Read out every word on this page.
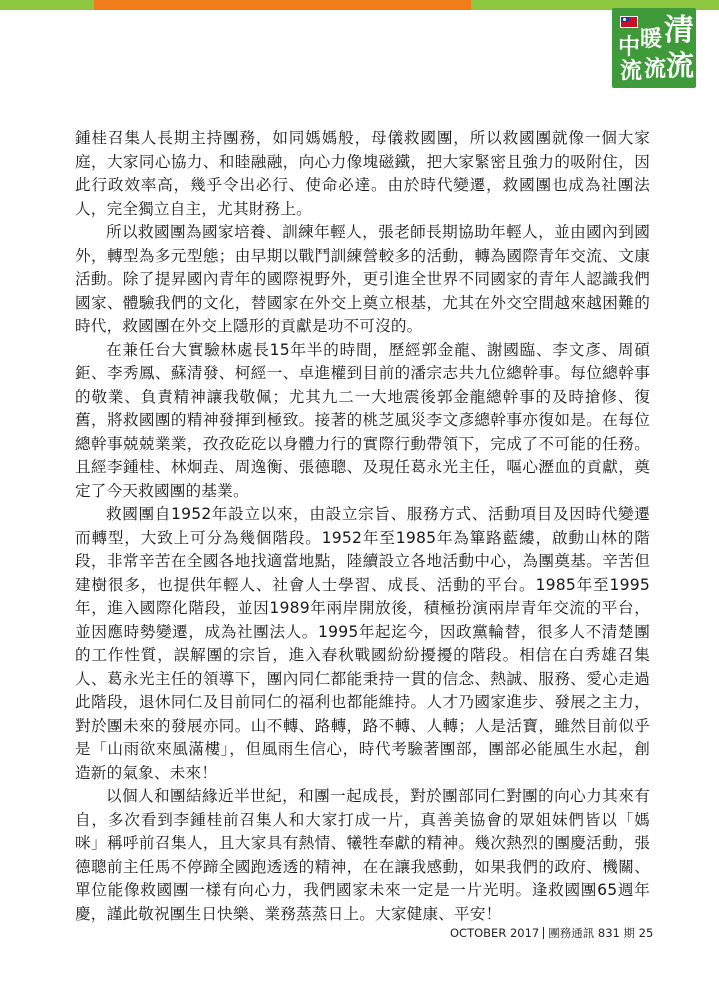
中 暖 清
流 流 流

鍾桂召集人長期主持團務，如同媽媽般，母儀救國團，所以救國團就像一個大家庭，大家同心協力、和睦融融，向心力像塊磁鐵，把大家緊密且強力的吸附住，因此行政效率高，幾乎令出必行、使命必達。由於時代變遷，救國團也成為社團法人，完全獨立自主，尤其財務上。

所以救國團為國家培養、訓練年輕人，張老師長期協助年輕人，並由國內到國外，轉型為多元型態；由早期以戰鬥訓練營較多的活動，轉為國際青年交流、文康活動。除了提昇國內青年的國際視野外，更引進全世界不同國家的青年人認識我們國家、體驗我們的文化，替國家在外交上奠立根基，尤其在外交空間越來越困難的時代，救國團在外交上隱形的貢獻是功不可沒的。

在兼任台大實驗林處長15年半的時間，歷經郭金龍、謝國臨、李文彥、周碩鉅、李秀鳳、蘇清發、柯經一、卓進權到目前的潘宗志共九位總幹事。每位總幹事的敬業、負責精神讓我敬佩；尤其九二一大地震後郭金龍總幹事的及時搶修、復舊，將救國團的精神發揮到極致。接著的桃芝風災李文彥總幹事亦復如是。在每位總幹事兢兢業業，孜孜矻矻以身體力行的實際行動帶領下，完成了不可能的任務。且經李鍾桂、林炯垚、周逸衡、張德聰、及現任葛永光主任，嘔心瀝血的貢獻，奠定了今天救國團的基業。

救國團自1952年設立以來，由設立宗旨、服務方式、活動項目及因時代變遷而轉型，大致上可分為幾個階段。1952年至1985年為篳路藍縷，啟動山林的階段，非常辛苦在全國各地找適當地點，陸續設立各地活動中心，為團奠基。辛苦但建樹很多，也提供年輕人、社會人士學習、成長、活動的平台。1985年至1995年，進入國際化階段，並因1989年兩岸開放後，積極扮演兩岸青年交流的平台，並因應時勢變遷，成為社團法人。1995年起迄今，因政黨輪替，很多人不清楚團的工作性質，誤解團的宗旨，進入春秋戰國紛紛擾擾的階段。相信在白秀雄召集人、葛永光主任的領導下，團內同仁都能秉持一貫的信念、熱誠、服務、愛心走過此階段，退休同仁及目前同仁的福利也都能維持。人才乃國家進步、發展之主力，對於團未來的發展亦同。山不轉、路轉，路不轉、人轉；人是活寶，雖然目前似乎是「山雨欲來風滿樓」，但風雨生信心，時代考驗著團部，團部必能風生水起，創造新的氣象、未來！

以個人和團結緣近半世紀，和團一起成長，對於團部同仁對團的向心力其來有自，多次看到李鍾桂前召集人和大家打成一片，真善美協會的眾姐妹們皆以「媽咪」稱呼前召集人，且大家具有熱情、犧牲奉獻的精神。幾次熱烈的團慶活動，張德聰前主任馬不停蹄全國跑透透的精神，在在讓我感動，如果我們的政府、機關、單位能像救國團一樣有向心力，我們國家未來一定是一片光明。逢救國團65週年慶，謹此敬祝團生日快樂、業務蒸蒸日上。大家健康、平安！

OCTOBER 2017 團務通訊 831 期 25
